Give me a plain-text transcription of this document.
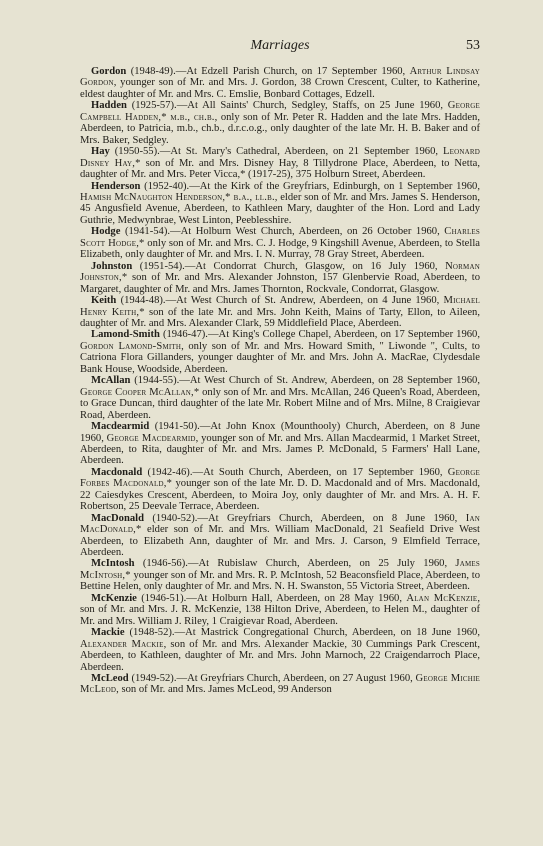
Marriages	53

Gordon (1948-49).—At Edzell Parish Church, on 17 September 1960, Arthur Lindsay Gordon, younger son of Mr. and Mrs. J. Gordon, 38 Crown Crescent, Culter, to Katherine, eldest daughter of Mr. and Mrs. C. Emslie, Bonbard Cottages, Edzell.

Hadden (1925-57).—At All Saints' Church, Sedgley, Staffs, on 25 June 1960, George Campbell Hadden,* m.b., ch.b., only son of Mr. Peter R. Hadden and the late Mrs. Hadden, Aberdeen, to Patricia, m.b., ch.b., d.r.c.o.g., only daughter of the late Mr. H. B. Baker and of Mrs. Baker, Sedgley.

Hay (1950-55).—At St. Mary's Cathedral, Aberdeen, on 21 September 1960, Leonard Disney Hay,* son of Mr. and Mrs. Disney Hay, 8 Tillydrone Place, Aberdeen, to Netta, daughter of Mr. and Mrs. Peter Vicca,* (1917-25), 375 Holburn Street, Aberdeen.

Henderson (1952-40).—At the Kirk of the Greyfriars, Edinburgh, on 1 September 1960, Hamish McNaughton Henderson,* b.a., ll.b., elder son of Mr. and Mrs. James S. Henderson, 45 Angusfield Avenue, Aberdeen, to Kathleen Mary, daughter of the Hon. Lord and Lady Guthrie, Medwynbrae, West Linton, Peeblesshire.

Hodge (1941-54).—At Holburn West Church, Aberdeen, on 26 October 1960, Charles Scott Hodge,* only son of Mr. and Mrs. C. J. Hodge, 9 Kingshill Avenue, Aberdeen, to Stella Elizabeth, only daughter of Mr. and Mrs. I. N. Murray, 78 Gray Street, Aberdeen.

Johnston (1951-54).—At Condorrat Church, Glasgow, on 16 July 1960, Norman Johnston,* son of Mr. and Mrs. Alexander Johnston, 157 Glenbervie Road, Aberdeen, to Margaret, daughter of Mr. and Mrs. James Thornton, Rockvale, Condorrat, Glasgow.

Keith (1944-48).—At West Church of St. Andrew, Aberdeen, on 4 June 1960, Michael Henry Keith,* son of the late Mr. and Mrs. John Keith, Mains of Tarty, Ellon, to Aileen, daughter of Mr. and Mrs. Alexander Clark, 59 Middlefield Place, Aberdeen.

Lamond-Smith (1946-47).—At King's College Chapel, Aberdeen, on 17 September 1960, Gordon Lamond-Smith, only son of Mr. and Mrs. Howard Smith, " Liwonde ", Cults, to Catriona Flora Gillanders, younger daughter of Mr. and Mrs. John A. MacRae, Clydesdale Bank House, Woodside, Aberdeen.

McAllan (1944-55).—At West Church of St. Andrew, Aberdeen, on 28 September 1960, George Cooper McAllan,* only son of Mr. and Mrs. McAllan, 246 Queen's Road, Aberdeen, to Grace Duncan, third daughter of the late Mr. Robert Milne and of Mrs. Milne, 8 Craigievar Road, Aberdeen.

Macdearmid (1941-50).—At John Knox (Mounthooly) Church, Aberdeen, on 8 June 1960, George Macdearmid, younger son of Mr. and Mrs. Allan Macdearmid, 1 Market Street, Aberdeen, to Rita, daughter of Mr. and Mrs. James P. McDonald, 5 Farmers' Hall Lane, Aberdeen.

Macdonald (1942-46).—At South Church, Aberdeen, on 17 September 1960, George Forbes Macdonald,* younger son of the late Mr. D. D. Macdonald and of Mrs. Macdonald, 22 Caiesdykes Crescent, Aberdeen, to Moira Joy, only daughter of Mr. and Mrs. A. H. F. Robertson, 25 Deevale Terrace, Aberdeen.

MacDonald (1940-52).—At Greyfriars Church, Aberdeen, on 8 June 1960, Ian MacDonald,* elder son of Mr. and Mrs. William MacDonald, 21 Seafield Drive West Aberdeen, to Elizabeth Ann, daughter of Mr. and Mrs. J. Carson, 9 Elmfield Terrace, Aberdeen.

McIntosh (1946-56).—At Rubislaw Church, Aberdeen, on 25 July 1960, James McIntosh,* younger son of Mr. and Mrs. R. P. McIntosh, 52 Beaconsfield Place, Aberdeen, to Bettine Helen, only daughter of Mr. and Mrs. N. H. Swanston, 55 Victoria Street, Aberdeen.

McKenzie (1946-51).—At Holburn Hall, Aberdeen, on 28 May 1960, Alan McKenzie, son of Mr. and Mrs. J. R. McKenzie, 138 Hilton Drive, Aberdeen, to Helen M., daughter of Mr. and Mrs. William J. Riley, 1 Craigievar Road, Aberdeen.

Mackie (1948-52).—At Mastrick Congregational Church, Aberdeen, on 18 June 1960, Alexander Mackie, son of Mr. and Mrs. Alexander Mackie, 30 Cummings Park Crescent, Aberdeen, to Kathleen, daughter of Mr. and Mrs. John Marnoch, 22 Craigendarroch Place, Aberdeen.

McLeod (1949-52).—At Greyfriars Church, Aberdeen, on 27 August 1960, George Michie McLeod, son of Mr. and Mrs. James McLeod, 99 Anderson
